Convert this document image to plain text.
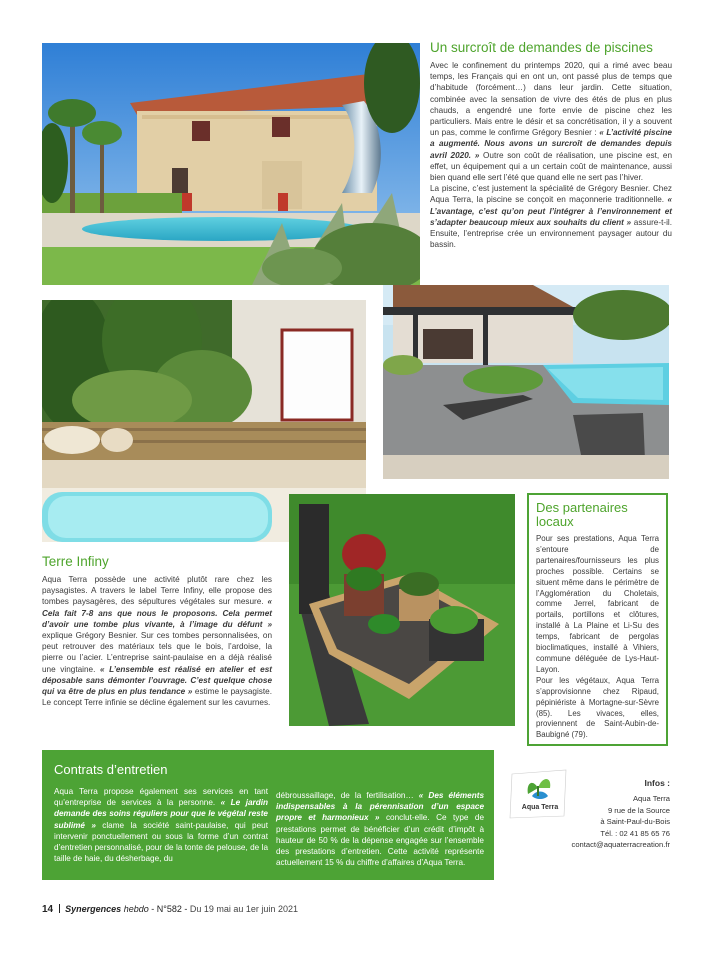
Un surcroît de demandes de piscines

Avec le confinement du printemps 2020, qui a rimé avec beau temps, les Français qui en ont un, ont passé plus de temps que d’habitude (forcément…) dans leur jardin. Cette situation, combinée avec la sensation de vivre des étés de plus en plus chauds, a engendré une forte envie de piscine chez les particuliers. Mais entre le désir et sa concrétisation, il y a souvent un pas, comme le confirme Grégory Besnier : « L’activité piscine a augmenté. Nous avons un surcroît de demandes depuis avril 2020. » Outre son coût de réalisation, une piscine est, en effet, un équipement qui a un certain coût de maintenance, aussi bien quand elle sert l’été que quand elle ne sert pas l’hiver.

La piscine, c’est justement la spécialité de Grégory Besnier. Chez Aqua Terra, la piscine se conçoit en maçonnerie traditionnelle. « L’avantage, c’est qu’on peut l’intégrer à l’environnement et s’adapter beaucoup mieux aux souhaits du client » assure-t-il. Ensuite, l’entreprise crée un environnement paysager autour du bassin.

Terre Infiny

Aqua Terra possède une activité plutôt rare chez les paysagistes. A travers le label Terre Infiny, elle propose des tombes paysagères, des sépultures végétales sur mesure. « Cela fait 7-8 ans que nous le proposons. Cela permet d’avoir une tombe plus vivante, à l’image du défunt » explique Grégory Besnier. Sur ces tombes personnalisées, on peut retrouver des matériaux tels que le bois, l’ardoise, la pierre ou l’acier. L’entreprise saint-paulaise en a déjà réalisé une vingtaine. « L’ensemble est réalisé en atelier et est déposable sans démonter l’ouvrage. C’est quelque chose qui va être de plus en plus tendance » estime le paysagiste. Le concept Terre infinie se décline également sur les cavurnes.

Des partenaires locaux

Pour ses prestations, Aqua Terra s’entoure de partenaires/fournisseurs les plus proches possible. Certains se situent même dans le périmètre de l’Agglomération du Choletais, comme Jerrel, fabricant de portails, portillons et clôtures, installé à La Plaine et Li-Su des temps, fabricant de pergolas bioclimatiques, installé à Vihiers, commune déléguée de Lys-Haut-Layon.

Pour les végétaux, Aqua Terra s’approvisionne chez Ripaud, pépiniériste à Mortagne-sur-Sèvre (85). Les vivaces, elles, proviennent de Saint-Aubin-de-Baubigné (79).

Contrats d’entretien

Aqua Terra propose également ses services en tant qu’entreprise de services à la personne. « Le jardin demande des soins réguliers pour que le végétal reste sublimé » clame la société saint-paulaise, qui peut intervenir ponctuellement ou sous la forme d’un contrat d’entretien personnalisé, pour de la tonte de pelouse, de la taille de haie, du désherbage, du

débroussaillage, de la fertilisation… « Des éléments indispensables à la pérennisation d’un espace propre et harmonieux » conclut-elle. Ce type de prestations permet de bénéficier d’un crédit d’impôt à hauteur de 50 % de la dépense engagée sur l’ensemble des prestations d’entretien. Cette activité représente actuellement 15 % du chiffre d’affaires d’Aqua Terra.

Aqua Terra
Infos :
Aqua Terra
9 rue de la Source
à Saint-Paul-du-Bois
Tél. : 02 41 85 65 76
contact@aquaterracreation.fr
14 Synergences hebdo - N°582 - Du 19 mai au 1er juin 2021
